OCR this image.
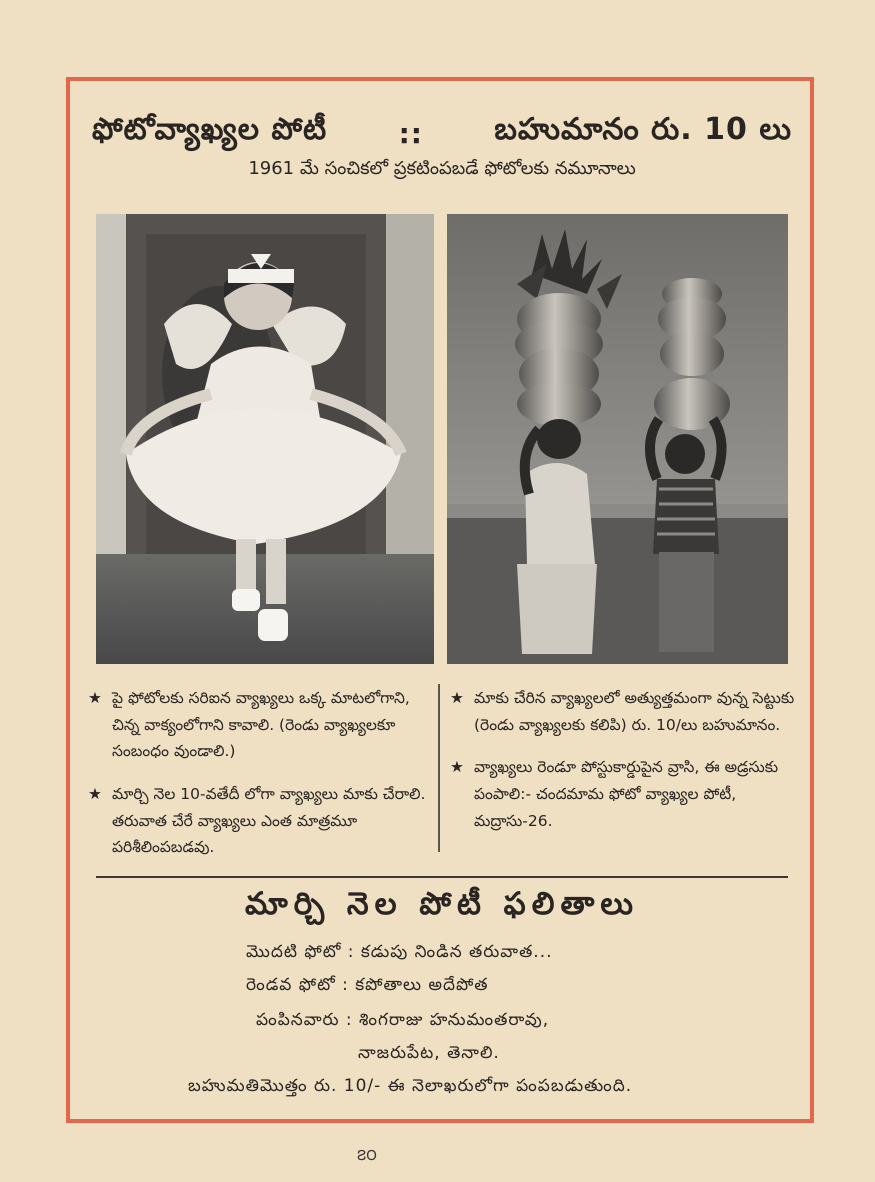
ఫోటోవ్యాఖ్యల పోటీ	:: బహుమానం రు. 10 లు
1961 మే సంచికలో ప్రకటింపబడే ఫోటోలకు నమూనాలు

★ పై ఫోటోలకు సరిఐన వ్యాఖ్యలు ఒక్క మాటలోగాని, చిన్న వాక్యంలోగాని కావాలి. (రెండు వ్యాఖ్యలకూ సంబంధం వుండాలి.)

★ మార్చి నెల 10-వతేదీ లోగా వ్యాఖ్యలు మాకు చేరాలి. తరువాత చేరే వ్యాఖ్యలు ఎంత మాత్రమూ పరిశీలింపబడవు.

★ మాకు చేరిన వ్యాఖ్యలలో అత్యుత్తమంగా వున్న సెట్టుకు (రెండు వ్యాఖ్యలకు కలిపి) రు. 10/లు బహుమానం.

★ వ్యాఖ్యలు రెండూ పోస్టుకార్డుపైన వ్రాసి, ఈ అడ్రసుకు పంపాలి:- చందమామ ఫోటో వ్యాఖ్యల పోటీ, మద్రాసు-26.

మార్చి నెల పోటీ ఫలితాలు
మొదటి ఫోటో : కడుపు నిండిన తరువాత...
రెండవ ఫోటో : కపోతాలు అదేపోత
పంపినవారు : శింగరాజు హనుమంతరావు,
నాజరుపేట, తెనాలి.
బహుమతిమొత్తం రు. 10/- ఈ నెలాఖరులోగా పంపబడుతుంది.
౭౦
